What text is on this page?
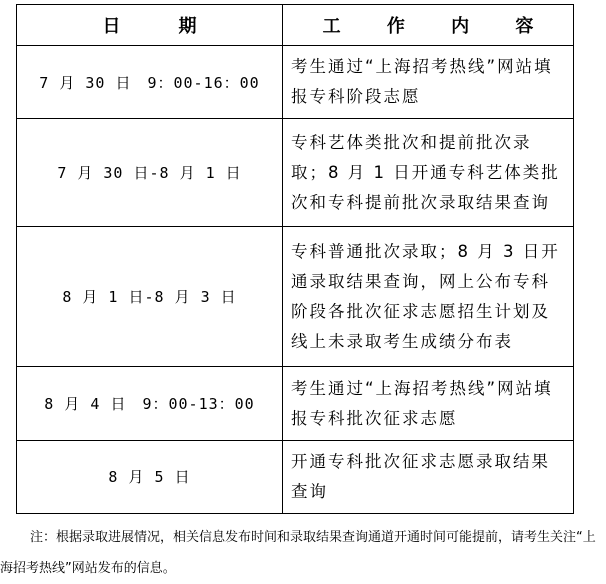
日　期	工 作 内 容
7 月 30 日　9：00-16：00	考生通过“上海招考热线”网站填报专科阶段志愿
7 月 30 日-8 月 1 日	专科艺体类批次和提前批次录取；8 月 1 日开通专科艺体类批次和专科提前批次录取结果查询
8 月 1 日-8 月 3 日	专科普通批次录取；8 月 3 日开通录取结果查询，网上公布专科阶段各批次征求志愿招生计划及线上未录取考生成绩分布表
8 月 4 日　9：00-13：00	考生通过“上海招考热线”网站填报专科批次征求志愿
8 月 5 日	开通专科批次征求志愿录取结果查询

注：根据录取进展情况，相关信息发布时间和录取结果查询通道开通时间可能提前，请考生关注“上海招考热线”网站发布的信息。
